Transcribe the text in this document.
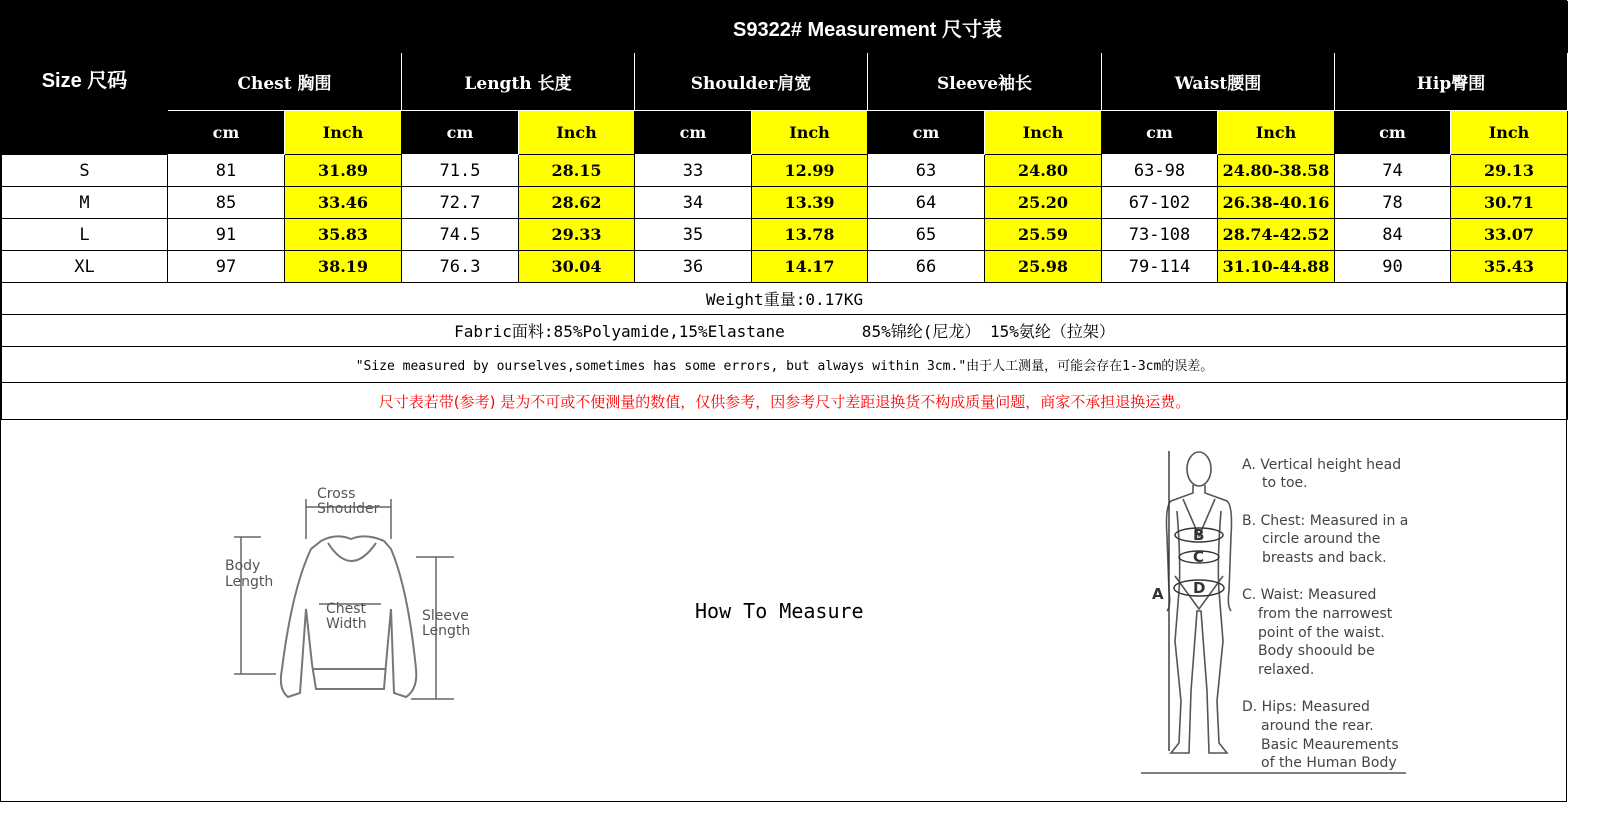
Size 尺码	S9322# Measurement 尺寸表											
	Chest 胸围		Length 长度		Shoulder肩宽		Sleeve袖长		Waist腰围		Hip臀围	
	cm	Inch	cm	Inch	cm	Inch	cm	Inch	cm	Inch	cm	Inch
S	81	31.89	71.5	28.15	33	12.99	63	24.80	63-98	24.80-38.58	74	29.13
M	85	33.46	72.7	28.62	34	13.39	64	25.20	67-102	26.38-40.16	78	30.71
L	91	35.83	74.5	29.33	35	13.78	65	25.59	73-108	28.74-42.52	84	33.07
XL	97	38.19	76.3	30.04	36	14.17	66	25.98	79-114	31.10-44.88	90	35.43
Weight重量:0.17KG												
Fabric面料:85%Polyamide,15%Elastane        85%锦纶(尼龙） 15%氨纶（拉架）												
"Size measured by ourselves,sometimes has some errors, but always within 3cm."由于人工测量，可能会存在1-3cm的误差。												
尺寸表若带(参考) 是为不可或不便测量的数值，仅供参考，因参考尺寸差距退换货不构成质量问题，商家不承担退换运费。												
How To Measure
Cross
Shoulder
Body
Length
Chest
Width	Sleeve
Length
A
B
C
D
A. Vertical height head
to toe.
B. Chest: Measured in a
circle around the
breasts and back.
C. Waist: Measured
from the narrowest
point of the waist.
Body shoould be
relaxed.
D. Hips: Measured
around the rear.
Basic Meaurements
of the Human Body
